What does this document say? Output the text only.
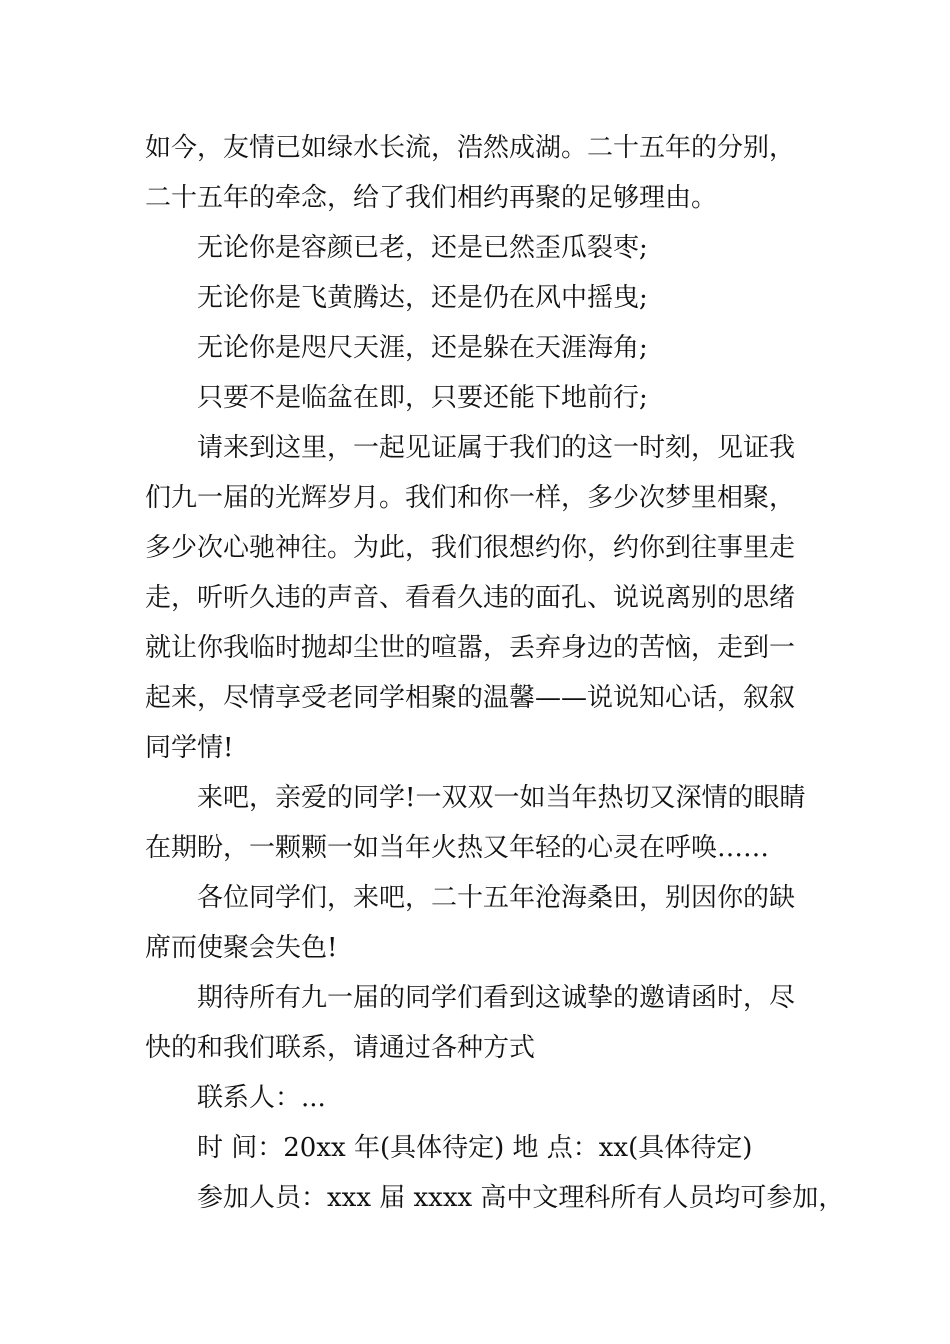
如今，友情已如绿水长流，浩然成湖。二十五年的分别，
二十五年的牵念，给了我们相约再聚的足够理由。
无论你是容颜已老，还是已然歪瓜裂枣;
无论你是飞黄腾达，还是仍在风中摇曳;
无论你是咫尺天涯，还是躲在天涯海角;
只要不是临盆在即，只要还能下地前行;
请来到这里，一起见证属于我们的这一时刻，见证我
们九一届的光辉岁月。我们和你一样，多少次梦里相聚，
多少次心驰神往。为此，我们很想约你，约你到往事里走
走，听听久违的声音、看看久违的面孔、说说离别的思绪
就让你我临时抛却尘世的喧嚣，丢弃身边的苦恼，走到一
起来，尽情享受老同学相聚的温馨——说说知心话，叙叙
同学情!
来吧，亲爱的同学!一双双一如当年热切又深情的眼睛
在期盼，一颗颗一如当年火热又年轻的心灵在呼唤……
各位同学们，来吧，二十五年沧海桑田，别因你的缺
席而使聚会失色!
期待所有九一届的同学们看到这诚挚的邀请函时，尽
快的和我们联系，请通过各种方式
联系人：...
时 间：20xx 年(具体待定) 地 点：xx(具体待定)
参加人员：xxx 届 xxxx 高中文理科所有人员均可参加，
